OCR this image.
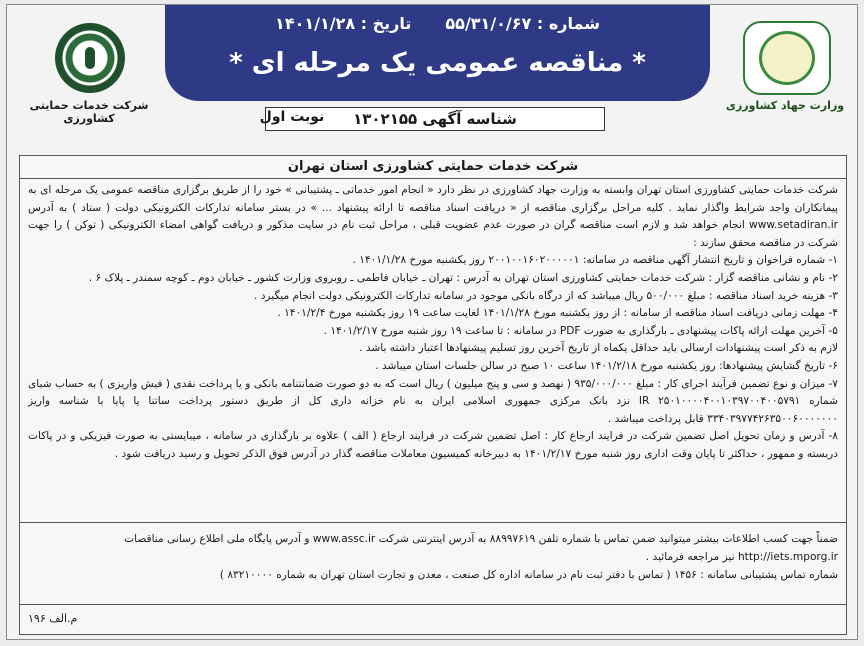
شماره : ۵۵/۳۱/۰/۶۷
تاریخ : ۱۴۰۱/۱/۲۸
* مناقصه عمومی یک مرحله ای *
شناسه آگهی ۱۳۰۲۱۵۵
نوبت اول
شرکت خدمات حمایتی کشاورزی
وزارت جهاد کشاورزی
شرکت خدمات حمایتی کشاورزی استان تهران

شرکت خدمات حمایتی کشاورزی استان تهران وابسته به وزارت جهاد کشاورزی در نظر دارد « انجام امور خدماتی ـ پشتیبانی » خود را از طریق برگزاری مناقصه عمومی یک مرحله ای به پیمانکاران واجد شرایط واگذار نماید . کلیه مراحل برگزاری مناقصه از « دریافت اسناد مناقصه تا ارائه پیشنهاد ... » در بستر سامانه تدارکات الکترونیکی دولت ( ستاد ) به آدرس www.setadiran.ir انجام خواهد شد و لازم است مناقصه گران در صورت عدم عضویت قبلی ، مراحل ثبت نام در سایت مذکور و دریافت گواهی امضاء الکترونیکی ( توکن ) را جهت شرکت در مناقصه محقق سازند :

۱- شماره فراخوان و تاریخ انتشار آگهی مناقصه در سامانه: ۲۰۰۱۰۰۱۶۰۲۰۰۰۰۰۱ روز یکشنبه مورخ ۱۴۰۱/۱/۲۸ .

۲- نام و نشانی مناقصه گزار : شرکت خدمات حمایتی کشاورزی استان تهران به آدرس : تهران ـ خیابان فاطمی ـ روبروی وزارت کشور ـ خیابان دوم ـ کوچه سمندر ـ پلاک ۶ .

۳- هزینه خرید اسناد مناقصه : مبلغ ۵۰۰/۰۰۰ ریال میباشد که از درگاه بانکی موجود در سامانه تدارکات الکترونیکی دولت انجام میگیرد .

۴- مهلت زمانی دریافت اسناد مناقصه از سامانه : از روز یکشنبه مورخ ۱۴۰۱/۱/۲۸ لغایت ساعت ۱۹ روز یکشنبه مورخ ۱۴۰۱/۲/۴ .

۵- آخرین مهلت ارائه پاکات پیشنهادی ـ بارگذاری به صورت PDF در سامانه : تا ساعت ۱۹ روز شنبه مورخ ۱۴۰۱/۲/۱۷ .

لازم به ذکر است پیشنهادات ارسالی باید حداقل یکماه از تاریخ آخرین روز تسلیم پیشنهادها اعتبار داشته باشد .

۶- تاریخ گشایش پیشنهادها: روز یکشنبه مورخ ۱۴۰۱/۲/۱۸ ساعت ۱۰ صبح در سالن جلسات استان میباشد .

۷- میزان و نوع تضمین فرآیند اجرای کار : مبلغ ۹۳۵/۰۰۰/۰۰۰ ( نهصد و سی و پنج میلیون ) ریال است که به دو صورت ضمانتنامه بانکی و یا پرداخت نقدی ( فیش واریزی ) به حساب شبای شماره IR ۲۵۰۱۰۰۰۰۴۰۰۱۰۳۹۷۰۰۴۰۰۵۷۹۱ نزد بانک مرکزی جمهوری اسلامی ایران به نام خزانه داری کل از طریق دستور پرداخت ساتنا یا پایا با شناسه واریز ۳۳۴۰۳۹۷۷۴۲۶۳۵۰۰۶۰۰۰۰۰۰۰ قابل پرداخت میباشد .

۸- آدرس و زمان تحویل اصل تضمین شرکت در فرایند ارجاع کار : اصل تضمین شرکت در فرایند ارجاع ( الف ) علاوه بر بارگذاری در سامانه ، میبایستی به صورت فیزیکی و در پاکات دربسته و ممهور ، حداکثر تا پایان وقت اداری روز شنبه مورخ ۱۴۰۱/۲/۱۷ به دبیرخانه کمیسیون معاملات مناقصه گذار در آدرس فوق الذکر تحویل و رسید دریافت شود .

ضمناً جهت کسب اطلاعات بیشتر میتوانید ضمن تماس با شماره تلفن ۸۸۹۹۷۶۱۹ به آدرس اینترنتی شرکت www.assc.ir و آدرس پایگاه ملی اطلاع رسانی مناقصات http://iets.mporg.ir نیز مراجعه فرمائید .

شماره تماس پشتیبانی سامانه : ۱۴۵۶ ( تماس با دفتر ثبت نام در سامانه اداره کل صنعت ، معدن و تجارت استان تهران به شماره ۸۳۲۱۰۰۰۰ )

م.الف ۱۹۶
